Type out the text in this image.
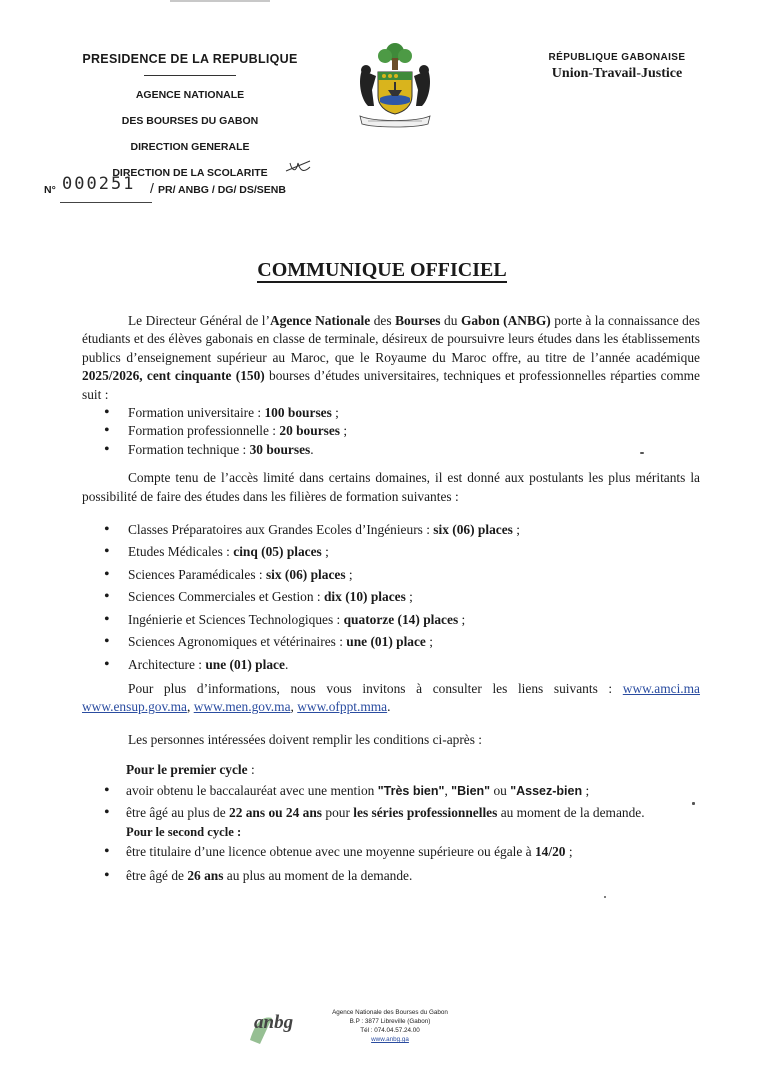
PRESIDENCE DE LA REPUBLIQUE
AGENCE NATIONALE
DES BOURSES DU GABON
DIRECTION GENERALE
DIRECTION DE LA SCOLARITE
N° 000251 / PR/ ANBG / DG/ DS/SENB
RÉPUBLIQUE GABONAISE
Union-Travail-Justice
COMMUNIQUE OFFICIEL

Le Directeur Général de l’Agence Nationale des Bourses du Gabon (ANBG) porte à la connaissance des étudiants et des élèves gabonais en classe de terminale, désireux de poursuivre leurs études dans les établissements publics d’enseignement supérieur au Maroc, que le Royaume du Maroc offre, au titre de l’année académique 2025/2026, cent cinquante (150) bourses d’études universitaires, techniques et professionnelles réparties comme suit :

• Formation universitaire : 100 bourses ;
• Formation professionnelle : 20 bourses ;
• Formation technique : 30 bourses.

Compte tenu de l’accès limité dans certains domaines, il est donné aux postulants les plus méritants la possibilité de faire des études dans les filières de formation suivantes :

• Classes Préparatoires aux Grandes Ecoles d’Ingénieurs : six (06) places ;
• Etudes Médicales : cinq (05) places ;
• Sciences Paramédicales : six (06) places ;
• Sciences Commerciales et Gestion : dix (10) places ;
• Ingénierie et Sciences Technologiques : quatorze (14) places ;
• Sciences Agronomiques et vétérinaires : une (01) place ;
• Architecture : une (01) place.

Pour plus d’informations, nous vous invitons à consulter les liens suivants : www.amci.ma www.ensup.gov.ma, www.men.gov.ma, www.ofppt.mma.

Les personnes intéressées doivent remplir les conditions ci-après :

Pour le premier cycle :
• avoir obtenu le baccalauréat avec une mention "Très bien", "Bien" ou "Assez-bien ;
• être âgé au plus de 22 ans ou 24 ans pour les séries professionnelles au moment de la demande.
Pour le second cycle :
• être titulaire d’une licence obtenue avec une moyenne supérieure ou égale à 14/20 ;
• être âgé de 26 ans au plus au moment de la demande.
anbg	Agence Nationale des Bourses du Gabon
B.P : 3877 Libreville (Gabon)
Tél : 074.04.57.24.00
www.anbg.ga
